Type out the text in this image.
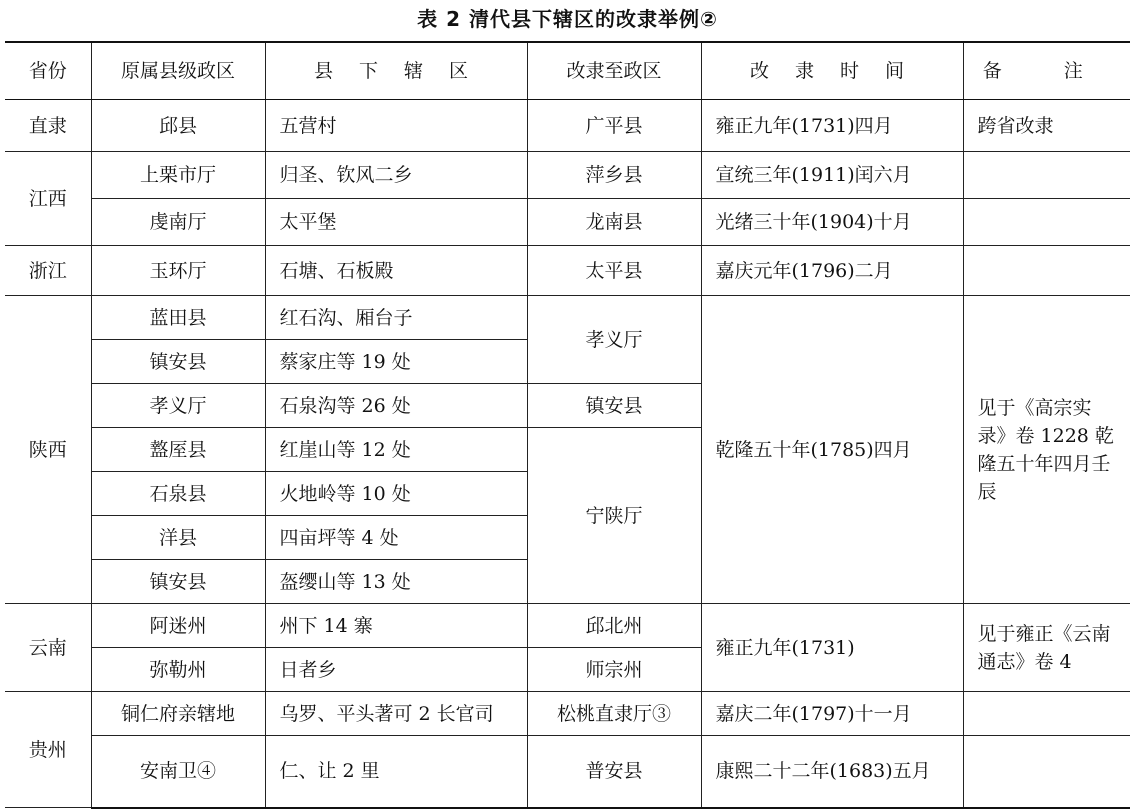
表 2 清代县下辖区的改隶举例②
省份	原属县级政区	县 下 辖 区	改隶至政区	改 隶 时 间	备 注
直隶	邱县	五营村	广平县	雍正九年(1731)四月	跨省改隶
江西	上栗市厅	归圣、钦风二乡	萍乡县	宣统三年(1911)闰六月	
	虔南厅	太平堡	龙南县	光绪三十年(1904)十月	
浙江	玉环厅	石塘、石板殿	太平县	嘉庆元年(1796)二月	
陕西	蓝田县	红石沟、厢台子	孝义厅	乾隆五十年(1785)四月	见于《高宗实录》卷 1228 乾隆五十年四月壬辰
	镇安县	蔡家庄等 19 处			
	孝义厅	石泉沟等 26 处	镇安县		
	盩厔县	红崖山等 12 处	宁陕厅		
	石泉县	火地岭等 10 处			
	洋县	四亩坪等 4 处			
	镇安县	盔缨山等 13 处			
云南	阿迷州	州下 14 寨	邱北州	雍正九年(1731)	见于雍正《云南通志》卷 4
	弥勒州	日者乡	师宗州		
贵州	铜仁府亲辖地	乌罗、平头著可 2 长官司	松桃直隶厅③	嘉庆二年(1797)十一月	
	安南卫④	仁、让 2 里	普安县	康熙二十二年(1683)五月	
